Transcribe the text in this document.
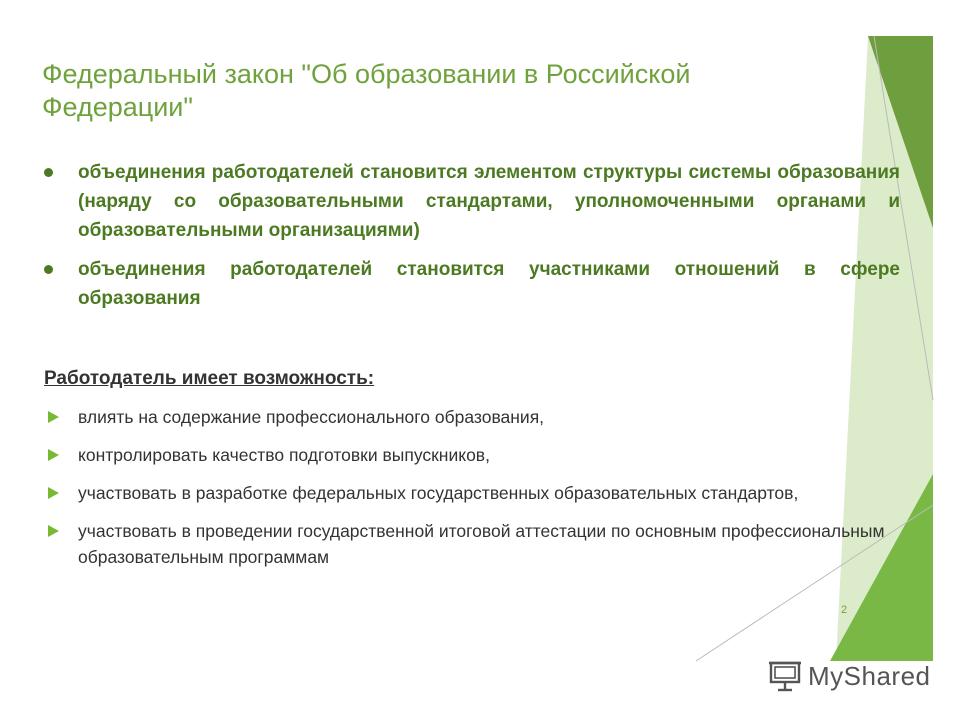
Федеральный закон "Об образовании в Российской Федерации"
объединения работодателей становится элементом структуры системы образования (наряду со образовательными стандартами, уполномоченными органами и образовательными организациями)
объединения работодателей становится участниками отношений в сфере образования
Работодатель имеет возможность:
влиять на содержание профессионального образования,
контролировать качество подготовки выпускников,
участвовать в разработке федеральных государственных образовательных стандартов,
участвовать в проведении государственной итоговой аттестации по основным профессиональным образовательным программам
2
MyShared
